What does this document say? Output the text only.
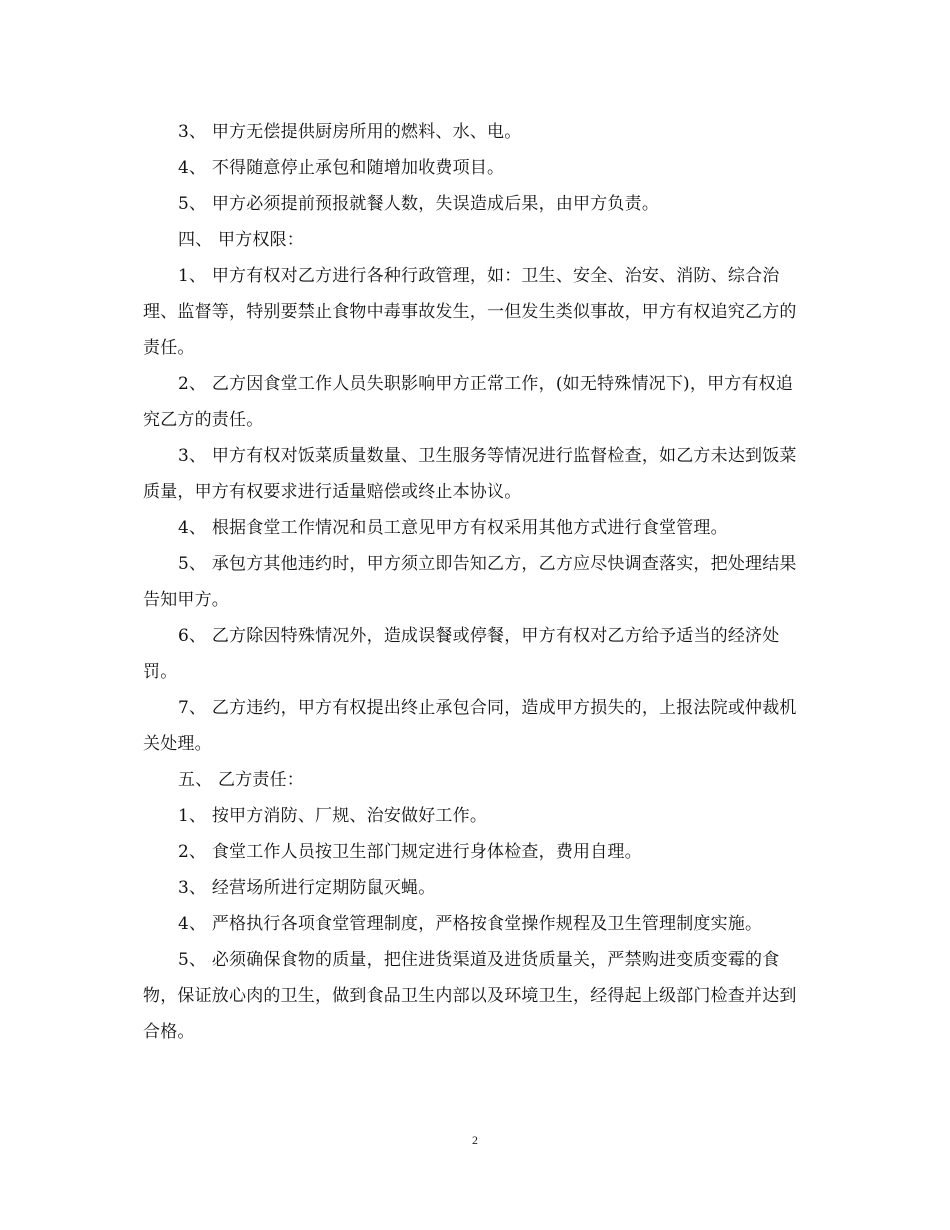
3、 甲方无偿提供厨房所用的燃料、水、电。

4、 不得随意停止承包和随增加收费项目。

5、 甲方必须提前预报就餐人数，失误造成后果，由甲方负责。

四、 甲方权限：

1、 甲方有权对乙方进行各种行政管理，如：卫生、安全、治安、消防、综合治理、监督等，特别要禁止食物中毒事故发生，一但发生类似事故，甲方有权追究乙方的责任。

2、 乙方因食堂工作人员失职影响甲方正常工作，(如无特殊情况下)，甲方有权追究乙方的责任。

3、 甲方有权对饭菜质量数量、卫生服务等情况进行监督检查，如乙方未达到饭菜质量，甲方有权要求进行适量赔偿或终止本协议。

4、 根据食堂工作情况和员工意见甲方有权采用其他方式进行食堂管理。

5、 承包方其他违约时，甲方须立即告知乙方，乙方应尽快调查落实，把处理结果告知甲方。

6、 乙方除因特殊情况外，造成误餐或停餐，甲方有权对乙方给予适当的经济处罚。

7、 乙方违约，甲方有权提出终止承包合同，造成甲方损失的，上报法院或仲裁机关处理。

五、 乙方责任：

1、 按甲方消防、厂规、治安做好工作。

2、 食堂工作人员按卫生部门规定进行身体检查，费用自理。

3、 经营场所进行定期防鼠灭蝇。

4、 严格执行各项食堂管理制度，严格按食堂操作规程及卫生管理制度实施。

5、 必须确保食物的质量，把住进货渠道及进货质量关，严禁购进变质变霉的食物，保证放心肉的卫生，做到食品卫生内部以及环境卫生，经得起上级部门检查并达到合格。

2
